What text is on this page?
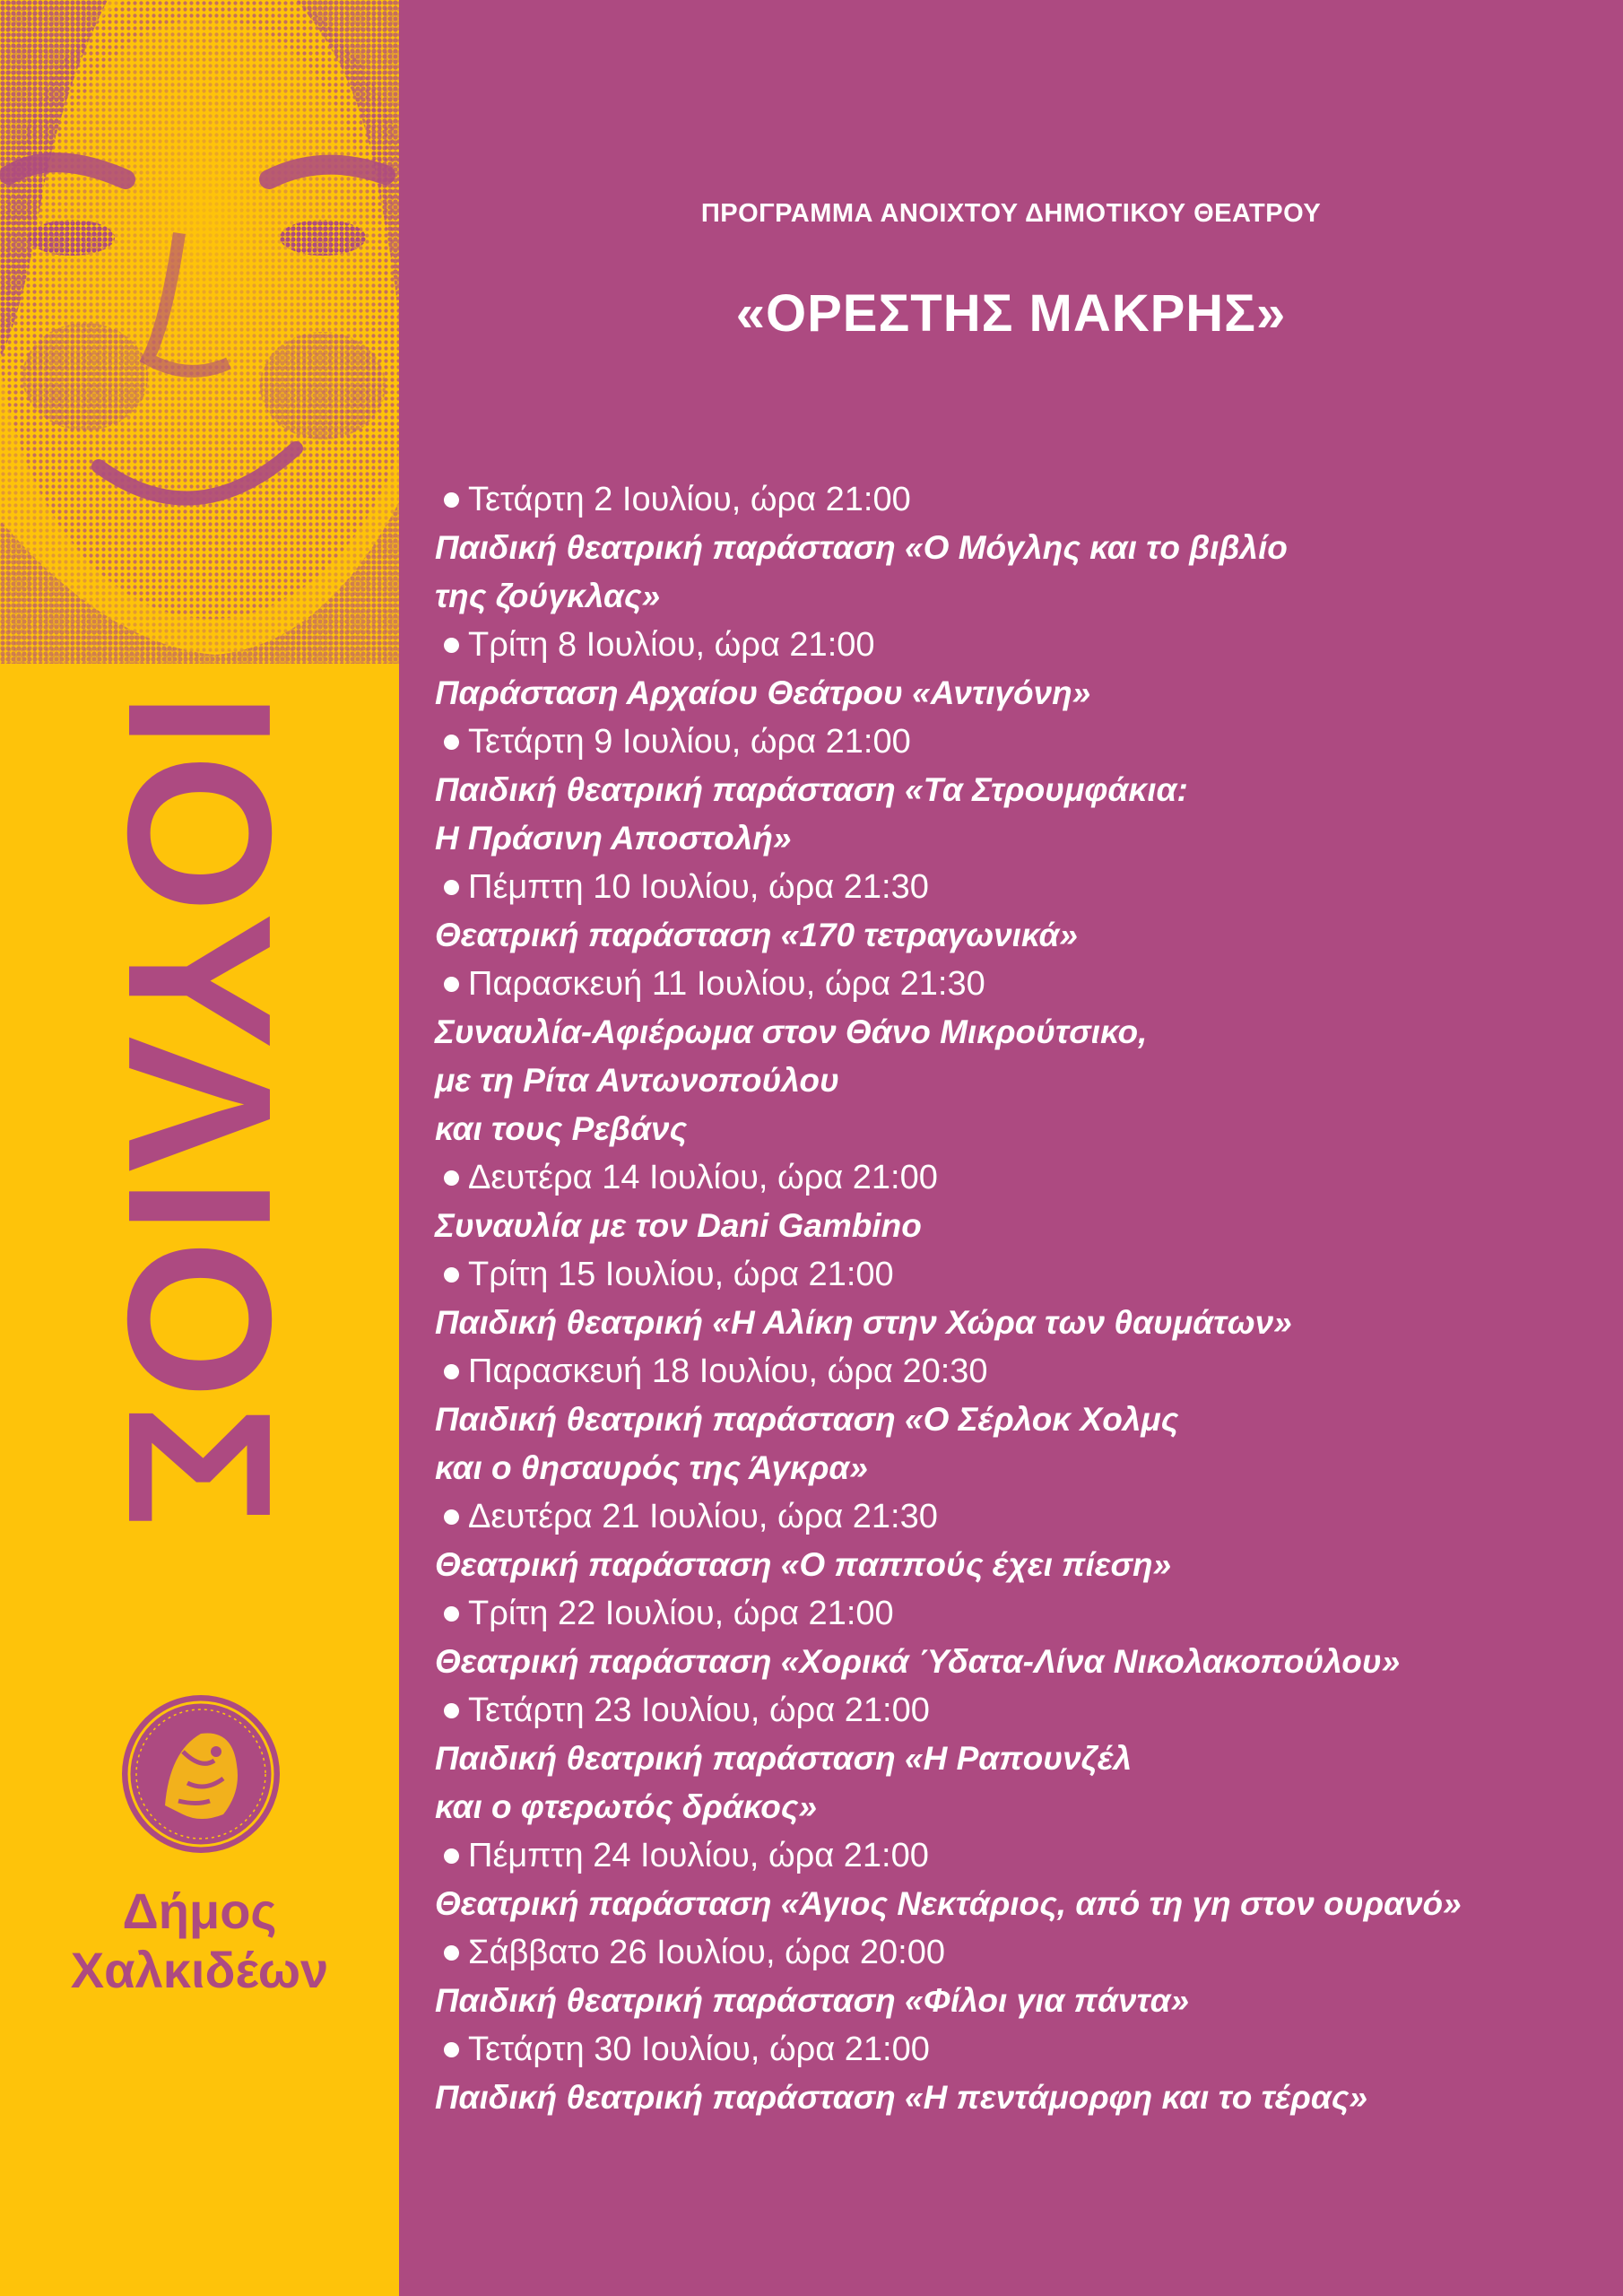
ΙΟΥΛΙΟΣ
Δήμος
Χαλκιδέων
ΠΡΟΓΡΑΜΜΑ ΑΝΟΙΧΤΟΥ ΔΗΜΟΤΙΚΟΥ ΘΕΑΤΡΟΥ
«ΟΡΕΣΤΗΣ ΜΑΚΡΗΣ»
Τετάρτη 2 Ιουλίου, ώρα 21:00
Παιδική θεατρική παράσταση «Ο Μόγλης και το βιβλίο
της ζούγκλας»
Τρίτη 8 Ιουλίου, ώρα 21:00
Παράσταση Αρχαίου Θεάτρου «Αντιγόνη»
Τετάρτη 9 Ιουλίου, ώρα 21:00
Παιδική θεατρική παράσταση «Τα Στρουμφάκια:
Η Πράσινη Αποστολή»
Πέμπτη 10 Ιουλίου, ώρα 21:30
Θεατρική παράσταση «170 τετραγωνικά»
Παρασκευή 11 Ιουλίου, ώρα 21:30
Συναυλία-Αφιέρωμα στον Θάνο Μικρούτσικο,
με τη Ρίτα Αντωνοπούλου
και τους Ρεβάνς
Δευτέρα 14 Ιουλίου, ώρα 21:00
Συναυλία με τον Dani Gambino
Τρίτη 15 Ιουλίου, ώρα 21:00
Παιδική θεατρική «Η Αλίκη στην Χώρα των θαυμάτων»
Παρασκευή 18 Ιουλίου, ώρα 20:30
Παιδική θεατρική παράσταση «Ο Σέρλοκ Χολμς
και ο θησαυρός της Άγκρα»
Δευτέρα 21 Ιουλίου, ώρα 21:30
Θεατρική παράσταση «Ο παππούς έχει πίεση»
Τρίτη 22 Ιουλίου, ώρα 21:00
Θεατρική παράσταση «Χορικά Ύδατα-Λίνα Νικολακοπούλου»
Τετάρτη 23 Ιουλίου, ώρα 21:00
Παιδική θεατρική παράσταση «Η Ραπουνζέλ
και ο φτερωτός δράκος»
Πέμπτη 24 Ιουλίου, ώρα 21:00
Θεατρική παράσταση «Άγιος Νεκτάριος, από τη γη στον ουρανό»
Σάββατο 26 Ιουλίου, ώρα 20:00
Παιδική θεατρική παράσταση «Φίλοι για πάντα»
Τετάρτη 30 Ιουλίου, ώρα 21:00
Παιδική θεατρική παράσταση «Η πεντάμορφη και το τέρας»
